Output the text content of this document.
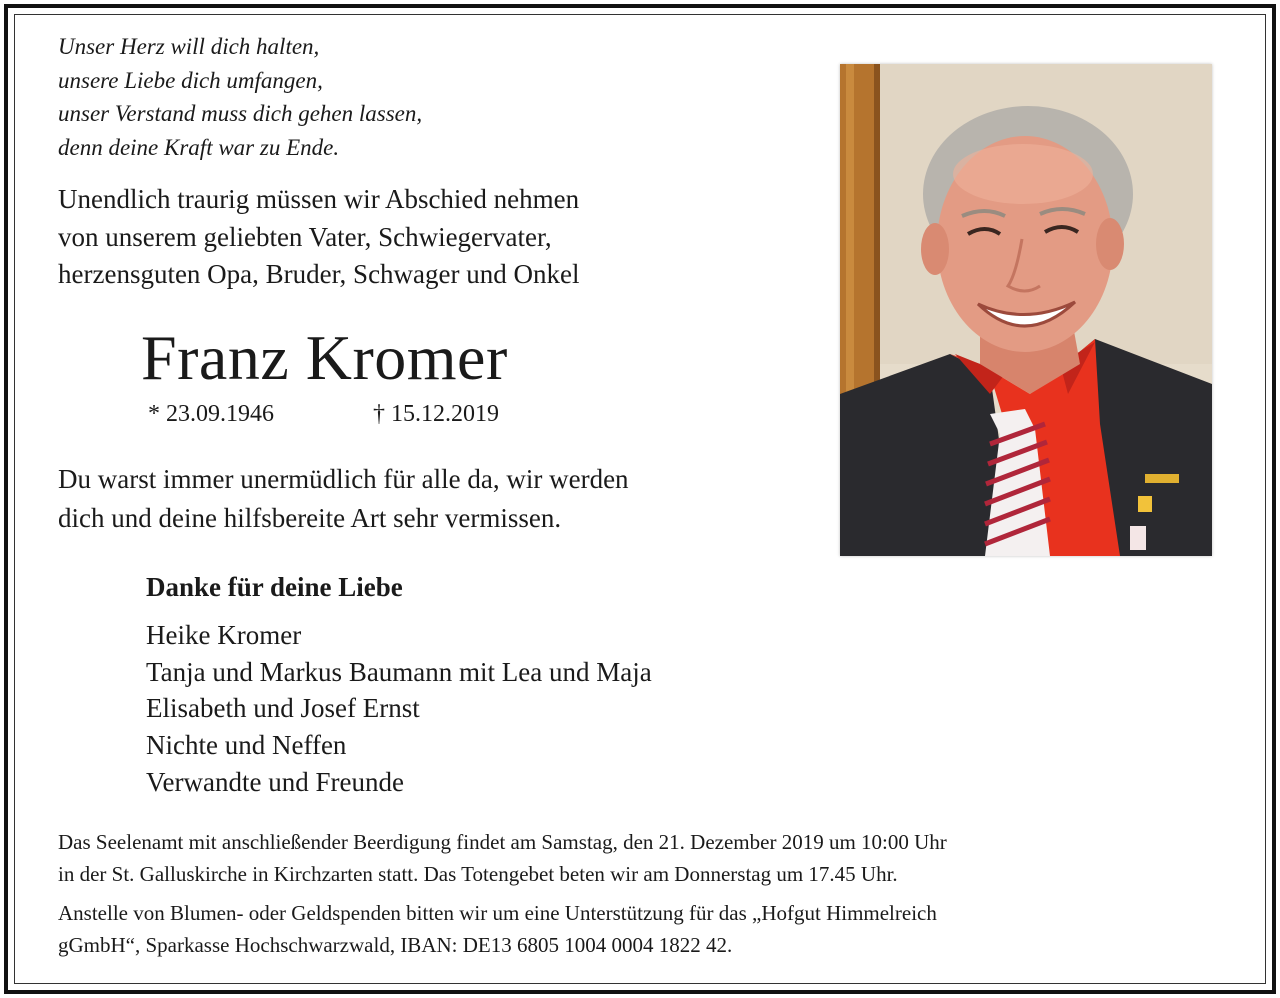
Unser Herz will dich halten,
unsere Liebe dich umfangen,
unser Verstand muss dich gehen lassen,
denn deine Kraft war zu Ende.
Unendlich traurig müssen wir Abschied nehmen
von unserem geliebten Vater, Schwiegervater,
herzensguten Opa, Bruder, Schwager und Onkel
Franz Kromer
* 23.09.1946	† 15.12.2019
Du warst immer unermüdlich für alle da, wir werden
dich und deine hilfsbereite Art sehr vermissen.
Danke für deine Liebe
Heike Kromer
Tanja und Markus Baumann mit Lea und Maja
Elisabeth und Josef Ernst
Nichte und Neffen
Verwandte und Freunde
Das Seelenamt mit anschließender Beerdigung findet am Samstag, den 21. Dezember 2019 um 10:00 Uhr
in der St. Galluskirche in Kirchzarten statt. Das Totengebet beten wir am Donnerstag um 17.45 Uhr.
Anstelle von Blumen- oder Geldspenden bitten wir um eine Unterstützung für das „Hofgut Himmelreich
gGmbH“, Sparkasse Hochschwarzwald, IBAN: DE13 6805 1004 0004 1822 42.
